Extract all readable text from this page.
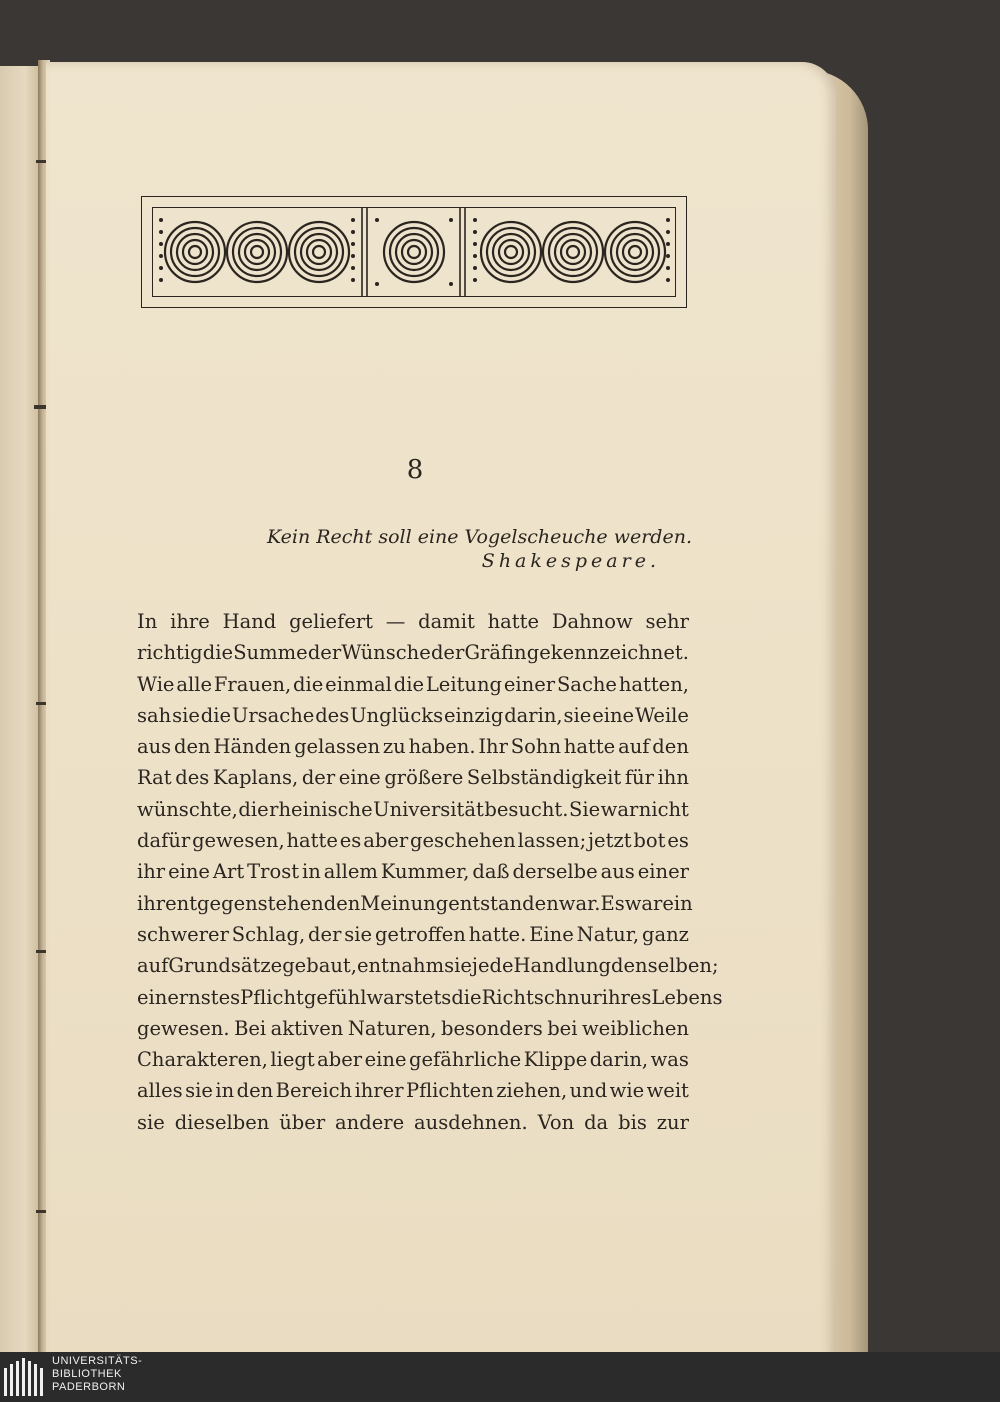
8
Kein Recht soll eine Vogelscheuche werden.
Shakespeare.
In ihre Hand geliefert — damit hatte Dahnow sehr
richtig die Summe der Wünsche der Gräfin gekennzeichnet.
Wie alle Frauen, die einmal die Leitung einer Sache hatten,
sah sie die Ursache des Unglücks einzig darin, sie eine Weile
aus den Händen gelassen zu haben. Ihr Sohn hatte auf den
Rat des Kaplans, der eine größere Selbständigkeit für ihn
wünschte, die rheinische Universität besucht. Sie war nicht
dafür gewesen, hatte es aber geschehen lassen; jetzt bot es
ihr eine Art Trost in allem Kummer, daß derselbe aus einer
ihr entgegenstehenden Meinung entstanden war. Es war ein
schwerer Schlag, der sie getroffen hatte. Eine Natur, ganz
auf Grundsätze gebaut, entnahm sie jede Handlung denselben;
ein ernstes Pflichtgefühl war stets die Richtschnur ihres Lebens
gewesen. Bei aktiven Naturen, besonders bei weiblichen
Charakteren, liegt aber eine gefährliche Klippe darin, was
alles sie in den Bereich ihrer Pflichten ziehen, und wie weit
sie dieselben über andere ausdehnen. Von da bis zur
UNIVERSITÄTS-
BIBLIOTHEK
PADERBORN
